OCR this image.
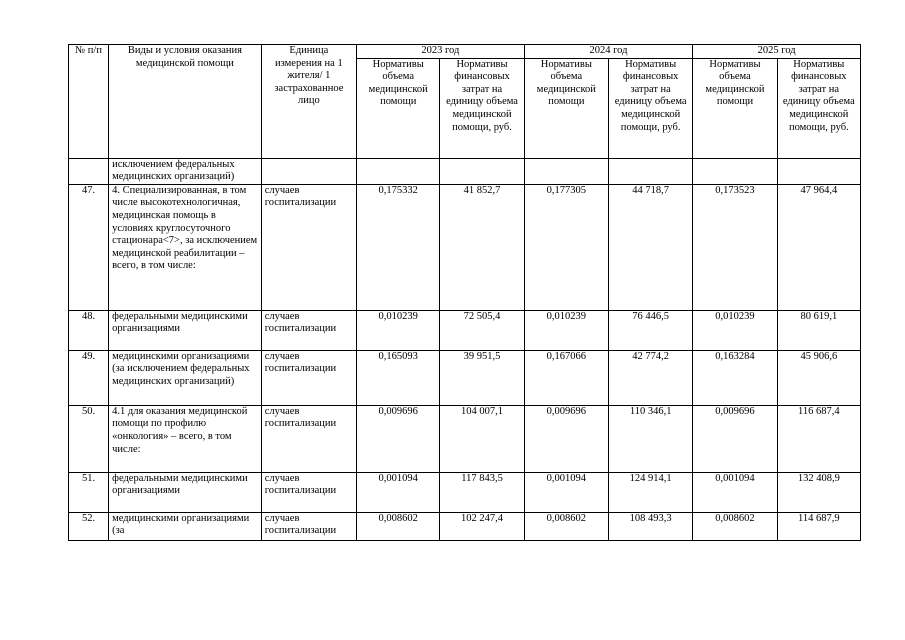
№ п/п	Виды и условия оказания медицинской помощи	Единица измерения на 1 жителя/ 1 застрахованное лицо	2023 год		2024 год		2025 год	
			Нормативы объема медицинской помощи	Нормативы финансовых затрат на единицу объема медицинской помощи, руб.	Нормативы объема медицинской помощи	Нормативы финансовых затрат на единицу объема медицинской помощи, руб.	Нормативы объема медицинской помощи	Нормативы финансовых затрат на единицу объема медицинской помощи, руб.
	исключением федеральных медицинских организаций)							
47.	4. Специализированная, в том числе высокотехнологичная, медицинская помощь в условиях круглосуточного стационара<7>, за исключением медицинской реабилитации – всего, в том числе:	случаев госпитализации	0,175332	41 852,7	0,177305	44 718,7	0,173523	47 964,4
48.	федеральными медицинскими организациями	случаев госпитализации	0,010239	72 505,4	0,010239	76 446,5	0,010239	80 619,1
49.	медицинскими организациями (за исключением федеральных медицинских организаций)	случаев госпитализации	0,165093	39 951,5	0,167066	42 774,2	0,163284	45 906,6
50.	4.1 для оказания медицинской помощи по профилю «онкология» – всего, в том числе:	случаев госпитализации	0,009696	104 007,1	0,009696	110 346,1	0,009696	116 687,4
51.	федеральными медицинскими организациями	случаев госпитализации	0,001094	117 843,5	0,001094	124 914,1	0,001094	132 408,9
52.	медицинскими организациями (за	случаев госпитализации	0,008602	102 247,4	0,008602	108 493,3	0,008602	114 687,9
